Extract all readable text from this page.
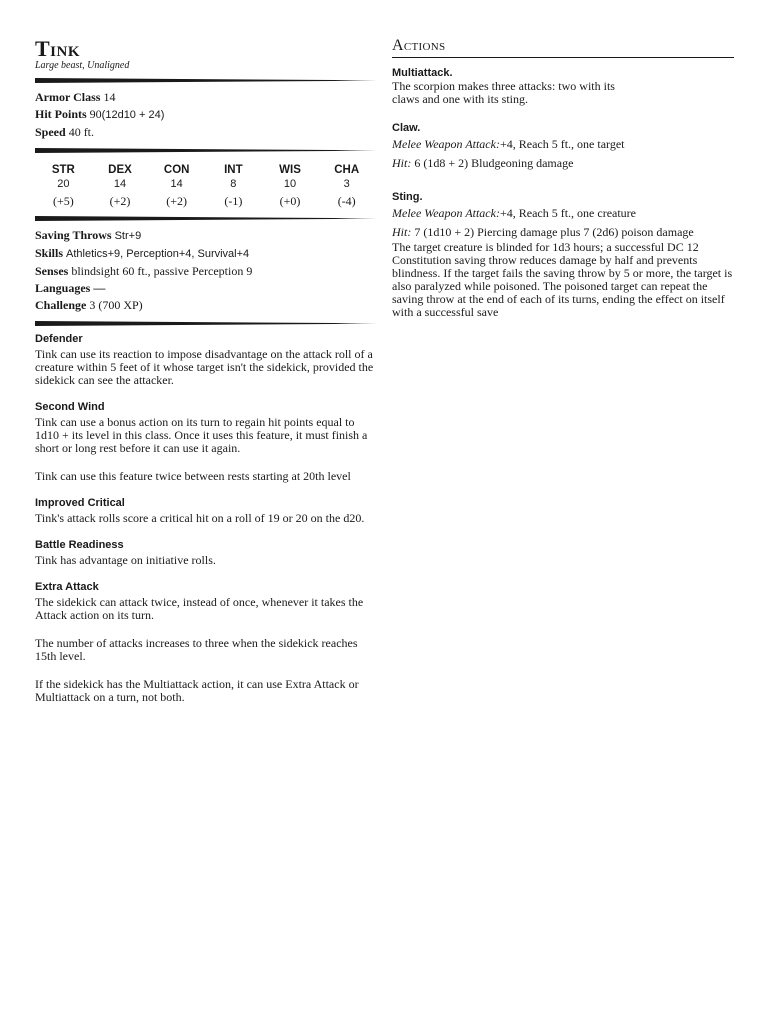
Tink
Large beast, Unaligned
Armor Class 14
Hit Points 90(12d10 + 24)
Speed 40 ft.
STR
20
(+5)
DEX
14
(+2)
CON
14
(+2)
INT
8
(-1)
WIS
10
(+0)
CHA
3
(-4)
Saving Throws Str+9
Skills Athletics+9, Perception+4, Survival+4
Senses blindsight 60 ft., passive Perception 9
Languages —
Challenge 3 (700 XP)
Defender
Tink can use its reaction to impose disadvantage on the attack roll of a creature within 5 feet of it whose target isn't the sidekick, provided the sidekick can see the attacker.
Second Wind
Tink can use a bonus action on its turn to regain hit points equal to 1d10 + its level in this class. Once it uses this feature, it must finish a short or long rest before it can use it again.
Tink can use this feature twice between rests starting at 20th level
Improved Critical
Tink's attack rolls score a critical hit on a roll of 19 or 20 on the d20.
Battle Readiness
Tink has advantage on initiative rolls.
Extra Attack
The sidekick can attack twice, instead of once, whenever it takes the Attack action on its turn.
The number of attacks increases to three when the sidekick reaches 15th level.
If the sidekick has the Multiattack action, it can use Extra Attack or Multiattack on a turn, not both.
Actions
Multiattack.
The scorpion makes three attacks: two with its claws and one with its sting.
Claw.
Melee Weapon Attack:+4, Reach 5 ft., one target
Hit: 6 (1d8 + 2) Bludgeoning damage
Sting.
Melee Weapon Attack:+4, Reach 5 ft., one creature
Hit: 7 (1d10 + 2) Piercing damage plus 7 (2d6) poison damage
The target creature is blinded for 1d3 hours; a successful DC 12 Constitution saving throw reduces damage by half and prevents blindness. If the target fails the saving throw by 5 or more, the target is also paralyzed while poisoned. The poisoned target can repeat the saving throw at the end of each of its turns, ending the effect on itself with a successful save
